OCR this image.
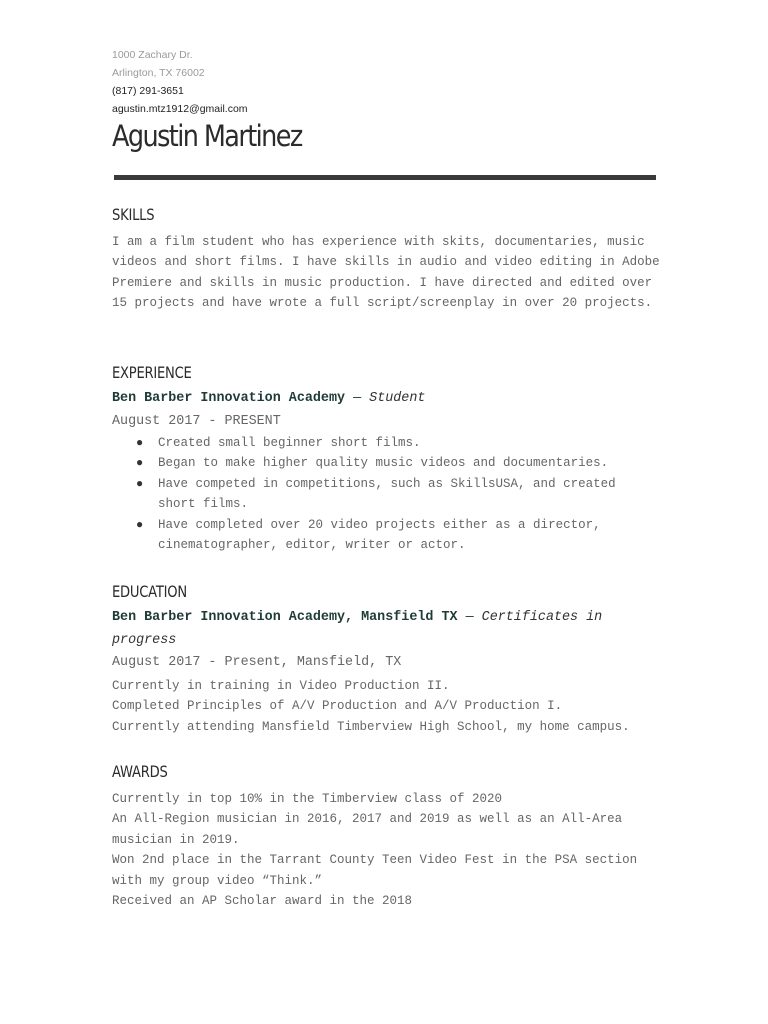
1000 Zachary Dr.
Arlington, TX 76002
(817) 291-3651
agustin.mtz1912@gmail.com
Agustin Martinez
SKILLS
I am a film student who has experience with skits, documentaries, music videos and short films. I have skills in audio and video editing in Adobe Premiere and skills in music production. I have directed and edited over 15 projects and have wrote a full script/screenplay in over 20 projects.
EXPERIENCE
Ben Barber Innovation Academy — Student
August 2017 - PRESENT
● Created small beginner short films.
● Began to make higher quality music videos and documentaries.
● Have competed in competitions, such as SkillsUSA, and created short films.
● Have completed over 20 video projects either as a director, cinematographer, editor, writer or actor.
EDUCATION
Ben Barber Innovation Academy, Mansfield TX — Certificates in progress
August 2017 - Present, Mansfield, TX

Currently in training in Video Production II.

Completed Principles of A/V Production and A/V Production I.

Currently attending Mansfield Timberview High School, my home campus.

AWARDS

Currently in top 10% in the Timberview class of 2020

An All-Region musician in 2016, 2017 and 2019 as well as an All-Area musician in 2019.

Won 2nd place in the Tarrant County Teen Video Fest in the PSA section with my group video “Think.”

Received an AP Scholar award in the 2018
